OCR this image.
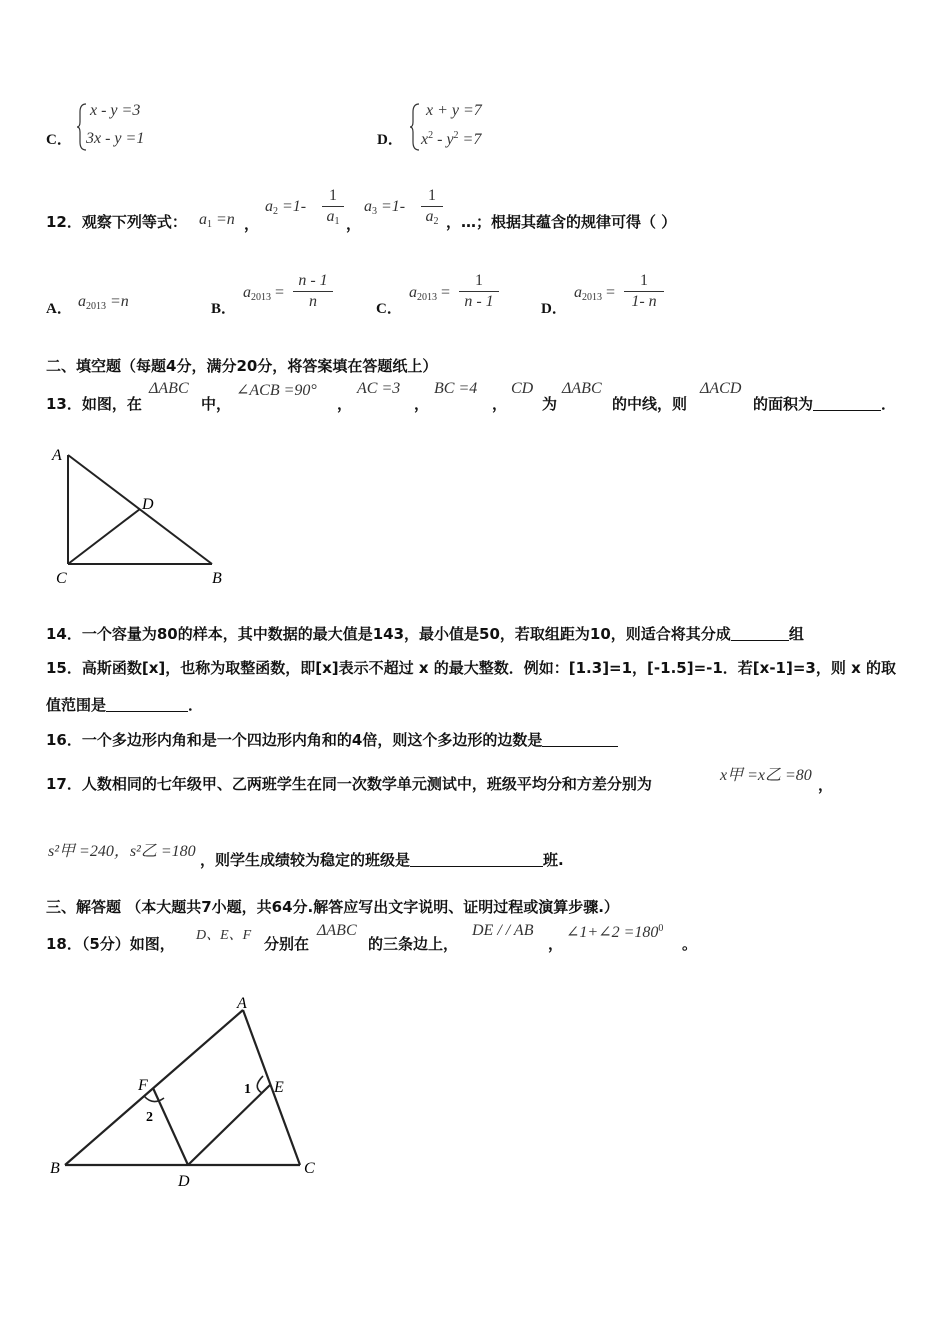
C．
x - y =3
3x - y =1	D．
x + y =7
$x^2 - y^2 =7$
12．观察下列等式： $a_1 =n$ ，
$a_2 =1- \frac{1}{a_1}$ ，
$a_3 =1- \frac{1}{a_2}$ ，…；根据其蕴含的规律可得（ ）
A． $a_{2013} =n$	B．
$a_{2013} = \frac{n - 1}{n}$	C．
$a_{2013} = \frac{1}{n - 1}$	D．
$a_{2013} = \frac{1}{1- n}$
二、填空题（每题4分，满分20分，将答案填在答题纸上）
13．如图，在
ΔABC
中，
∠ACB =90°
，
AC =3
，
BC =4
，
CD
为
ΔABC
的中线，则
ΔACD
的面积为	．
A
D
C	B
14．一个容量为80的样本，其中数据的最大值是143，最小值是50，若取组距为10，则适合将其分成	组
15．高斯函数[x]，也称为取整函数，即[x]表示不超过 x 的最大整数．例如：[1.3]=1，[-1.5]=-1．若[x-1]=3，则 x 的取
值范围是	．
16．一个多边形内角和是一个四边形内角和的4倍，则这个多边形的边数是
17．人数相同的七年级甲、乙两班学生在同一次数学单元测试中，班级平均分和方差分别为	x甲 =x乙 =80
，
s²甲 =240，s²乙 =180 ，则学生成绩较为稳定的班级是	班.
三、解答题 （本大题共7小题，共64分.解答应写出文字说明、证明过程或演算步骤.）
18．（5分）如图， D、E、F 分别在
ΔABC
的三条边上，
DE / / AB
，
∠1+∠2 $=180^0$
。
A
F	E
1
2
B
D
C
